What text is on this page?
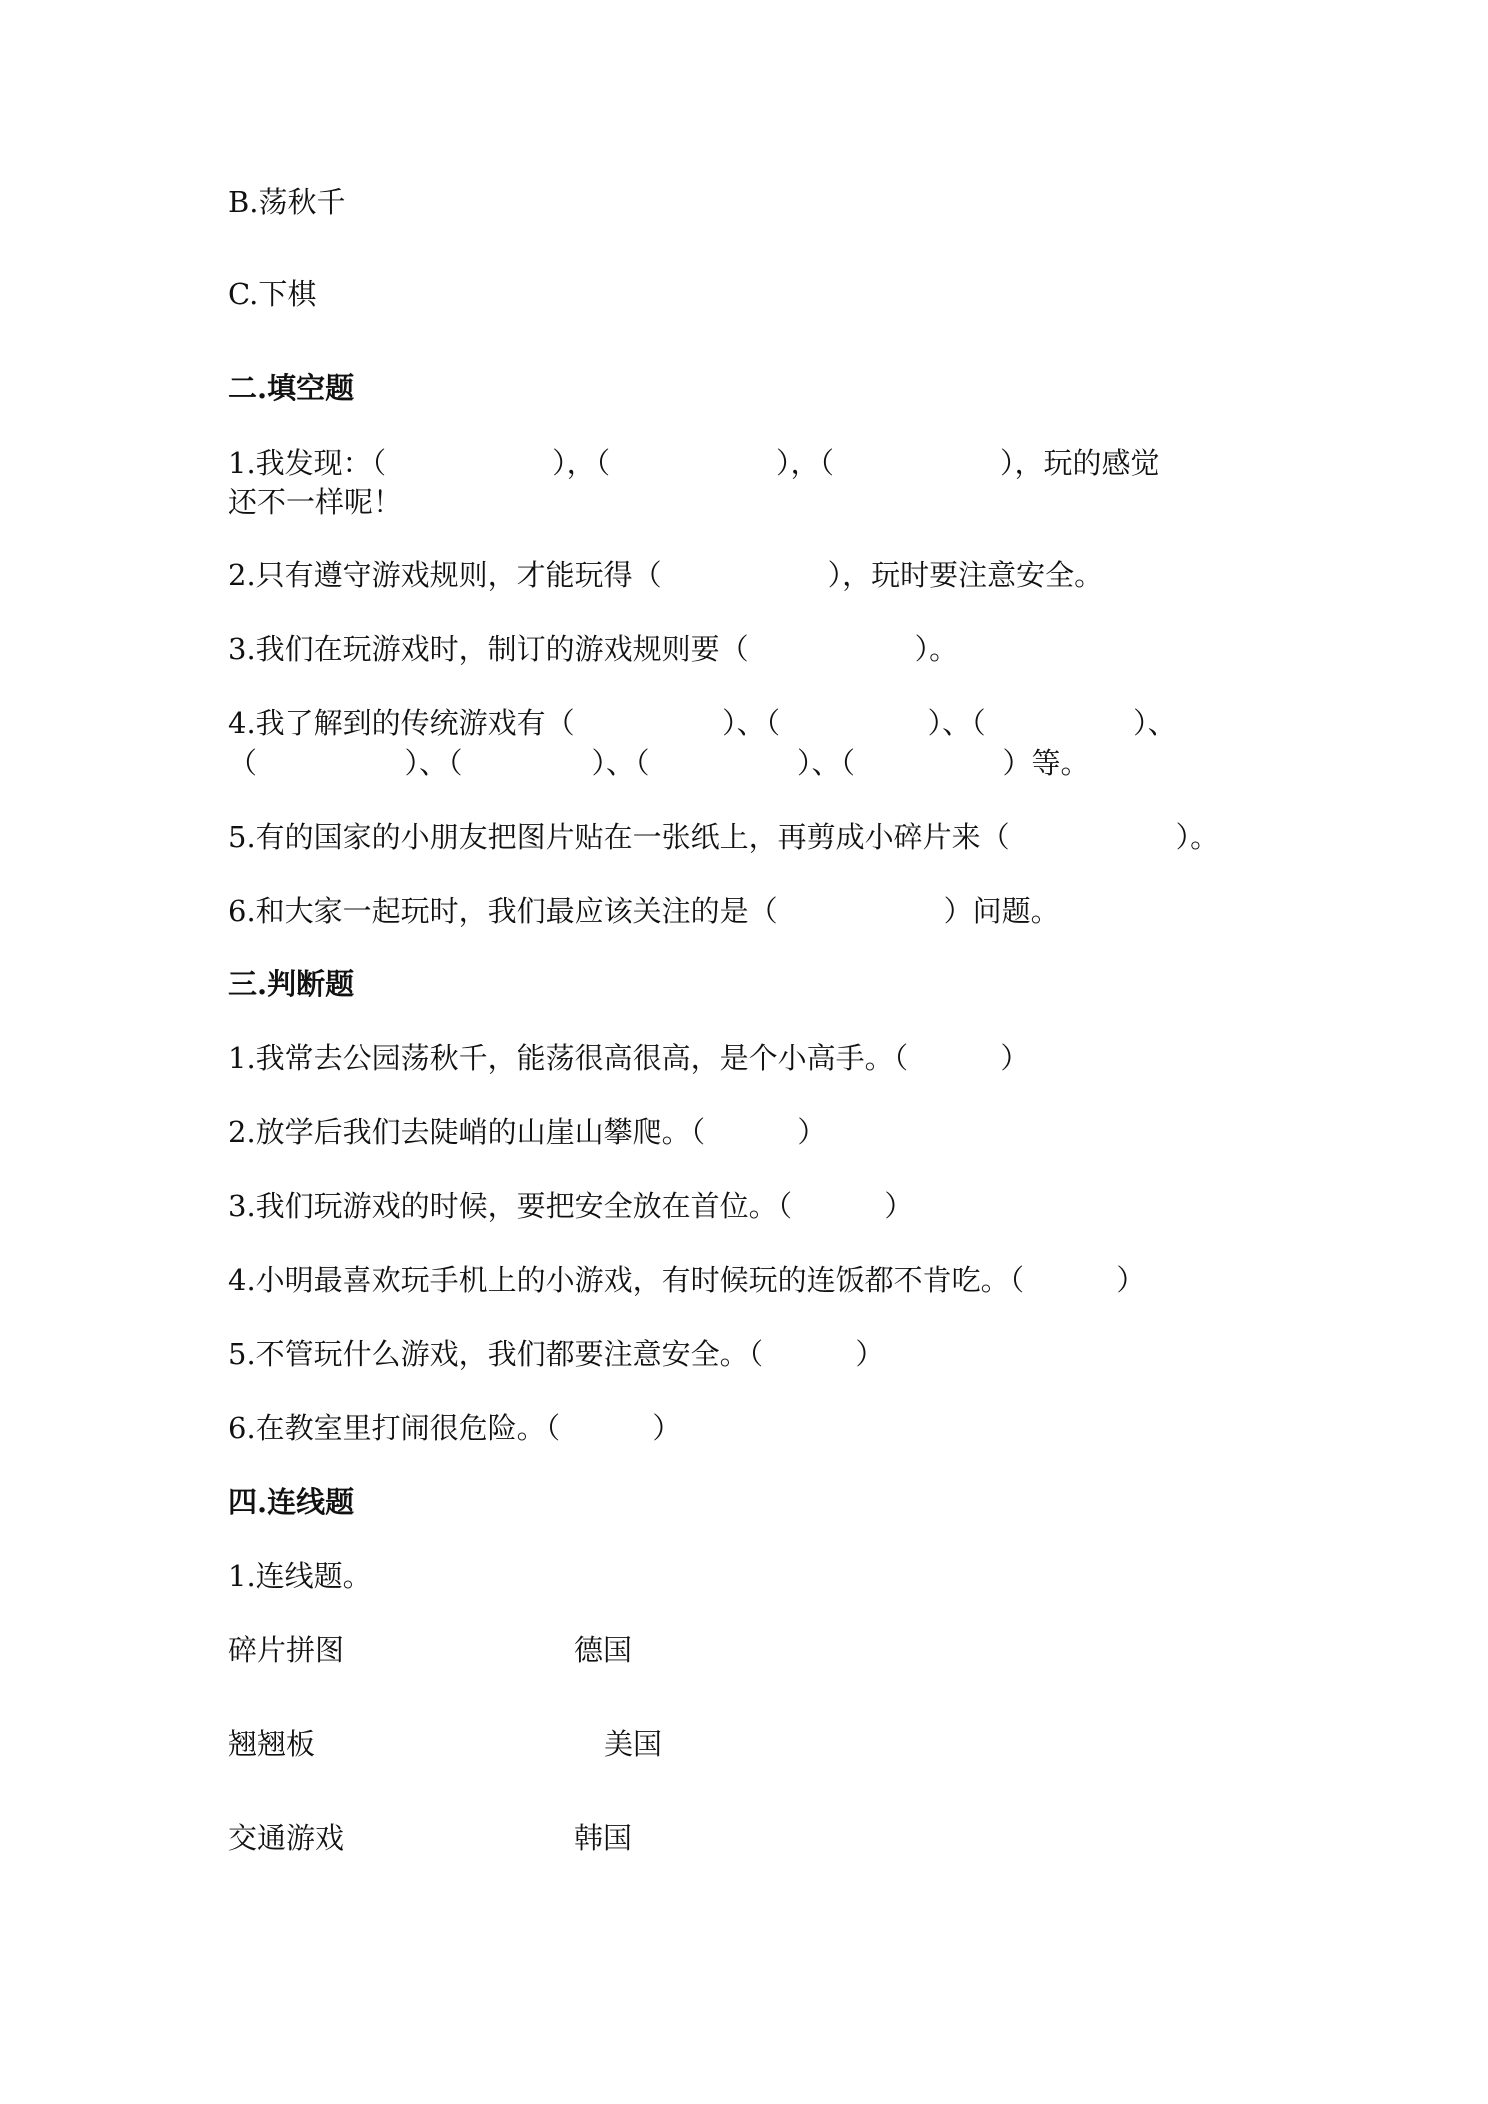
B.荡秋千
C.下棋
二.填空题
1.我发现：（                  ），（                  ），（                  ），玩的感觉
还不一样呢！
2.只有遵守游戏规则，才能玩得（                  ），玩时要注意安全。
3.我们在玩游戏时，制订的游戏规则要（                  ）。
4.我了解到的传统游戏有（                ）、（                ）、（                ）、
（                ）、（              ）、（                ）、（                ）等。
5.有的国家的小朋友把图片贴在一张纸上，再剪成小碎片来（                  ）。
6.和大家一起玩时，我们最应该关注的是（                  ）问题。
三.判断题
1.我常去公园荡秋千，能荡很高很高，是个小高手。（          ）
2.放学后我们去陡峭的山崖山攀爬。（          ）
3.我们玩游戏的时候，要把安全放在首位。（          ）
4.小明最喜欢玩手机上的小游戏，有时候玩的连饭都不肯吃。（          ）
5.不管玩什么游戏，我们都要注意安全。（          ）
6.在教室里打闹很危险。（          ）
四.连线题
1.连线题。
碎片拼图	德国
翘翘板	美国
交通游戏	韩国
